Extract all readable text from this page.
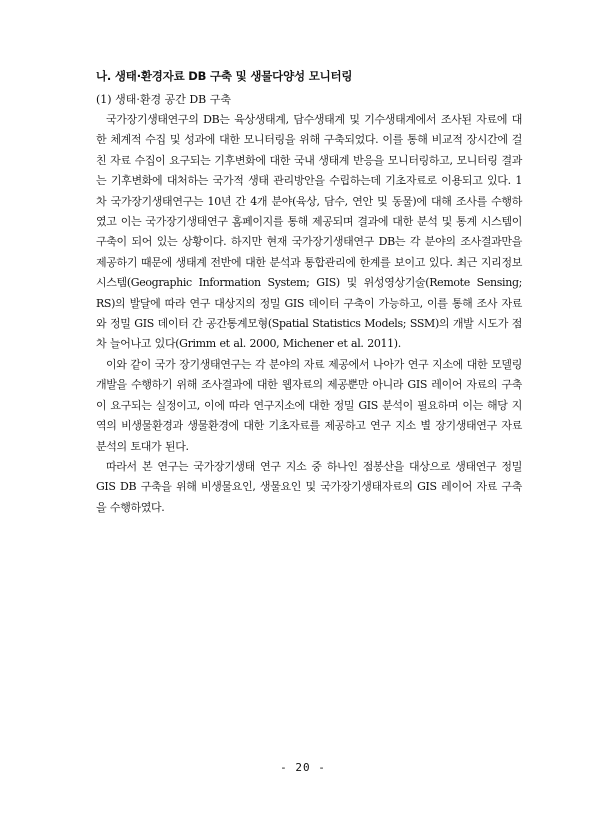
나. 생태·환경자료 DB 구축 및 생물다양성 모니터링
(1) 생태·환경 공간 DB 구축

국가장기생태연구의 DB는 육상생태계, 담수생태계 및 기수생태계에서 조사된 자료에 대한 체계적 수집 및 성과에 대한 모니터링을 위해 구축되었다. 이를 통해 비교적 장시간에 걸친 자료 수집이 요구되는 기후변화에 대한 국내 생태계 반응을 모니터링하고, 모니터링 결과는 기후변화에 대처하는 국가적 생태 관리방안을 수립하는데 기초자료로 이용되고 있다. 1차 국가장기생태연구는 10년 간 4개 분야(육상, 담수, 연안 및 동물)에 대해 조사를 수행하였고 이는 국가장기생태연구 홈페이지를 통해 제공되며 결과에 대한 분석 및 통계 시스템이 구축이 되어 있는 상황이다. 하지만 현재 국가장기생태연구 DB는 각 분야의 조사결과만을 제공하기 때문에 생태계 전반에 대한 분석과 통합관리에 한계를 보이고 있다. 최근 지리정보시스템(Geographic Information System; GIS) 및 위성영상기술(Remote Sensing; RS)의 발달에 따라 연구 대상지의 정밀 GIS 데이터 구축이 가능하고, 이를 통해 조사 자료와 정밀 GIS 데이터 간 공간통계모형(Spatial Statistics Models; SSM)의 개발 시도가 점차 늘어나고 있다(Grimm et al. 2000, Michener et al. 2011).

이와 같이 국가 장기생태연구는 각 분야의 자료 제공에서 나아가 연구 지소에 대한 모델링 개발을 수행하기 위해 조사결과에 대한 웹자료의 제공뿐만 아니라 GIS 레이어 자료의 구축이 요구되는 실정이고, 이에 따라 연구지소에 대한 정밀 GIS 분석이 필요하며 이는 해당 지역의 비생물환경과 생물환경에 대한 기초자료를 제공하고 연구 지소 별 장기생태연구 자료 분석의 토대가 된다.

따라서 본 연구는 국가장기생태 연구 지소 중 하나인 점봉산을 대상으로 생태연구 정밀 GIS DB 구축을 위해 비생물요인, 생물요인 및 국가장기생태자료의 GIS 레이어 자료 구축을 수행하였다.

- 20 -
